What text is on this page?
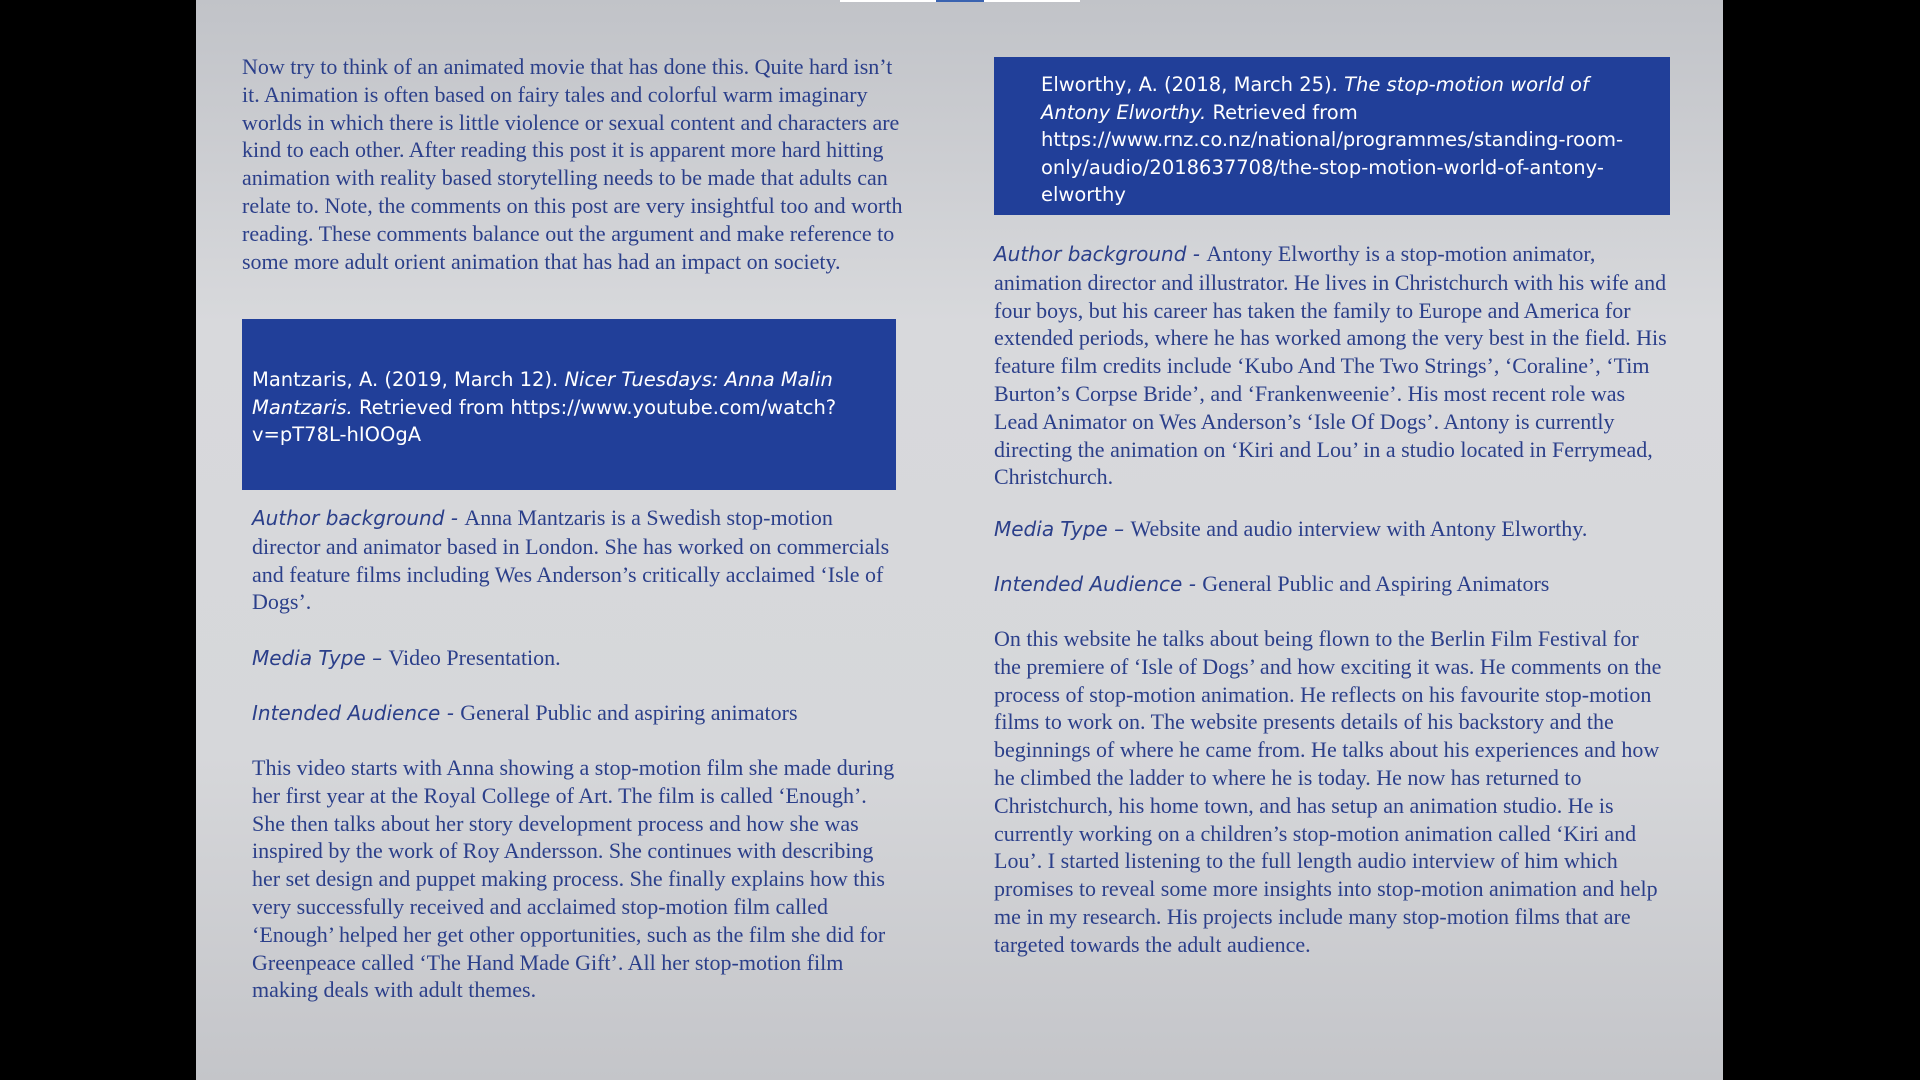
Now try to think of an animated movie that has done this. Quite hard isn’t it. Animation is often based on fairy tales and colorful warm imaginary worlds in which there is little violence or sexual content and characters are kind to each other. After reading this post it is apparent more hard hitting animation with reality based storytelling needs to be made that adults can relate to. Note, the comments on this post are very insightful too and worth reading. These comments balance out the argument and make reference to some more adult orient animation that has had an impact on society.

Mantzaris, A. (2019, March 12). Nicer Tuesdays: Anna Malin Mantzaris. Retrieved from https://www.youtube.com/watch?v=pT78L-hIOOgA

Author background - Anna Mantzaris is a Swedish stop-motion director and animator based in London. She has worked on commercials and feature films including Wes Anderson’s critically acclaimed ‘Isle of Dogs’.

Media Type – Video Presentation.

Intended Audience - General Public and aspiring animators

This video starts with Anna showing a stop-motion film she made during her first year at the Royal College of Art. The film is called ‘Enough’. She then talks about her story development process and how she was inspired by the work of Roy Andersson. She continues with describing her set design and puppet making process. She finally explains how this very successfully received and acclaimed stop-motion film called ‘Enough’ helped her get other opportunities, such as the film she did for Greenpeace called ‘The Hand Made Gift’. All her stop-motion film making deals with adult themes.

Elworthy, A. (2018, March 25). The stop-motion world of Antony Elworthy. Retrieved from https://www.rnz.co.nz/national/programmes/standing-room-only/audio/2018637708/the-stop-motion-world-of-antony-elworthy

Author background - Antony Elworthy is a stop-motion animator, animation director and illustrator. He lives in Christchurch with his wife and four boys, but his career has taken the family to Europe and America for extended periods, where he has worked among the very best in the field. His feature film credits include ‘Kubo And The Two Strings’, ‘Coraline’, ‘Tim Burton’s Corpse Bride’, and ‘Frankenweenie’. His most recent role was Lead Animator on Wes Anderson’s ‘Isle Of Dogs’. Antony is currently directing the animation on ‘Kiri and Lou’ in a studio located in Ferrymead, Christchurch.

Media Type – Website and audio interview with Antony Elworthy.

Intended Audience - General Public and Aspiring Animators

On this website he talks about being flown to the Berlin Film Festival for the premiere of ‘Isle of Dogs’ and how exciting it was. He comments on the process of stop-motion animation. He reflects on his favourite stop-motion films to work on. The website presents details of his backstory and the beginnings of where he came from. He talks about his experiences and how he climbed the ladder to where he is today. He now has returned to Christchurch, his home town, and has setup an animation studio. He is currently working on a children’s stop-motion animation called ‘Kiri and Lou’. I started listening to the full length audio interview of him which promises to reveal some more insights into stop-motion animation and help me in my research. His projects include many stop-motion films that are targeted towards the adult audience.
